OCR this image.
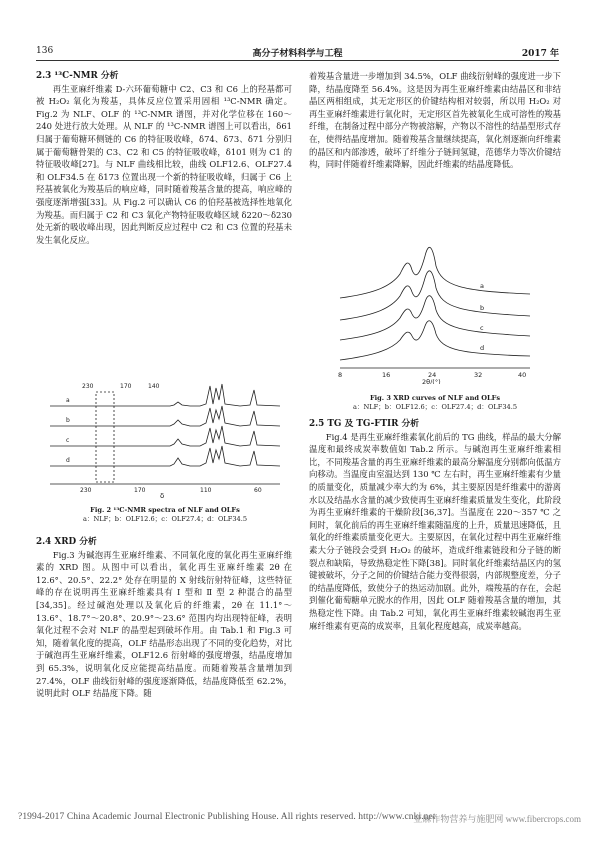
136	高分子材料科学与工程	2017 年

2.3 ¹³C-NMR 分析

再生亚麻纤维素 D-六环葡萄糖中 C2、C3 和 C6 上的羟基都可被 H₂O₂ 氧化为羧基，具体反应位置采用固相 ¹³C-NMR 确定。Fig.2 为 NLF、OLF 的 ¹³C-NMR 谱图，并对化学位移在 160～240 处进行放大处理。从 NLF 的 ¹³C-NMR 谱图上可以看出，δ61 归属于葡萄糖环侧链的 C6 的特征吸收峰，δ74、δ73、δ71 分别归属于葡萄糖骨架的 C3、C2 和 C5 的特征吸收峰，δ101 则为 C1 的特征吸收峰[27]。与 NLF 曲线相比较，曲线 OLF12.6、OLF27.4 和 OLF34.5 在 δ173 位置出现一个新的特征吸收峰，归属于 C6 上羟基被氧化为羧基后的响应峰，同时随着羧基含量的提高，响应峰的强度逐渐增强[33]。从 Fig.2 可以确认 C6 的伯羟基被选择性地氧化为羧基。而归属于 C2 和 C3 氧化产物特征吸收峰区域 δ220～δ230 处无新的吸收峰出现，因此判断反应过程中 C2 和 C3 位置的羟基未发生氧化反应。

2.4 XRD 分析

Fig.3 为碱泡再生亚麻纤维素、不同氧化度的氧化再生亚麻纤维素的 XRD 图。从图中可以看出，氧化再生亚麻纤维素 2θ 在 12.6°、20.5°、22.2° 处存在明显的 X 射线衍射特征峰，这些特征峰的存在说明再生亚麻纤维素具有 Ⅰ 型和 Ⅱ 型 2 种混合的晶型[34,35]。经过碱泡处理以及氧化后的纤维素，2θ 在 11.1°～13.6°、18.7°～20.8°、20.9°～23.6° 范围内均出现特征峰，表明氧化过程不会对 NLF 的晶型起到破坏作用。由 Tab.1 和 Fig.3 可知，随着氧化度的提高，OLF 结晶形态出现了不同的变化趋势，对比于碱泡再生亚麻纤维素，OLF12.6 衍射峰的强度增强，结晶度增加到 65.3%，说明氧化反应能提高结晶度。而随着羧基含量增加到 27.4%，OLF 曲线衍射峰的强度逐渐降低，结晶度降低至 62.2%，说明此时 OLF 结晶度下降。随

a
b
c
d
230	170	140
230	170	110	60
δ
Fig. 2 ¹³C-NMR spectra of NLF and OLFs
a：NLF；b：OLF12.6；c：OLF27.4；d：OLF34.5

着羧基含量进一步增加到 34.5%，OLF 曲线衍射峰的强度进一步下降，结晶度降至 56.4%。这是因为再生亚麻纤维素由结晶区和非结晶区两相组成，其无定形区的价键结构相对较弱，所以用 H₂O₂ 对再生亚麻纤维素进行氧化时，无定形区首先被氧化生成可溶性的羧基纤维，在制备过程中部分产物被溶解，产物以不溶性的结晶型形式存在，使得结晶度增加。随着羧基含量继续提高，氧化剂逐渐向纤维素的晶区和内部渗透，破坏了纤维分子链间氢键，范德华力等次价键结构，同时伴随着纤维素降解，因此纤维素的结晶度降低。

a
b
c
d
8	16	24	32	40
2θ/(°)
Fig. 3 XRD curves of NLF and OLFs
a：NLF；b：OLF12.6；c：OLF27.4；d：OLF34.5

2.5 TG 及 TG-FTIR 分析

Fig.4 是再生亚麻纤维素氧化前后的 TG 曲线，样品的最大分解温度和最终成炭率数值如 Tab.2 所示。与碱泡再生亚麻纤维素相比，不同羧基含量的再生亚麻纤维素的最高分解温度分别都向低温方向移动。当温度由室温达到 130 ℃ 左右时，再生亚麻纤维素有少量的质量变化，质量减少率大约为 6%，其主要原因是纤维素中的游离水以及结晶水含量的减少致使再生亚麻纤维素质量发生变化，此阶段为再生亚麻纤维素的干燥阶段[36,37]。当温度在 220～357 ℃ 之间时，氧化前后的再生亚麻纤维素随温度的上升，质量迅速降低，且氧化的纤维素质量变化更大。主要原因，在氧化过程中再生亚麻纤维素大分子链段会受到 H₂O₂ 的破坏，造成纤维素链段和分子链的断裂点和缺陷，导致热稳定性下降[38]。同时氧化纤维素结晶区内的氢键被破坏，分子之间的价键结合能力变得很弱，内部规整度差，分子的结晶度降低，致使分子的热运动加剧。此外，端羧基的存在，会起到催化葡萄糖单元脱水的作用，因此 OLF 随着羧基含量的增加，其热稳定性下降。由 Tab.2 可知，氧化再生亚麻纤维素较碱泡再生亚麻纤维素有更高的成炭率，且氧化程度越高，成炭率越高。

?1994-2017 China Academic Journal Electronic Publishing House. All rights reserved. http://www.cnki.net
亚麻作物营养与施肥网 www.fibercrops.com
